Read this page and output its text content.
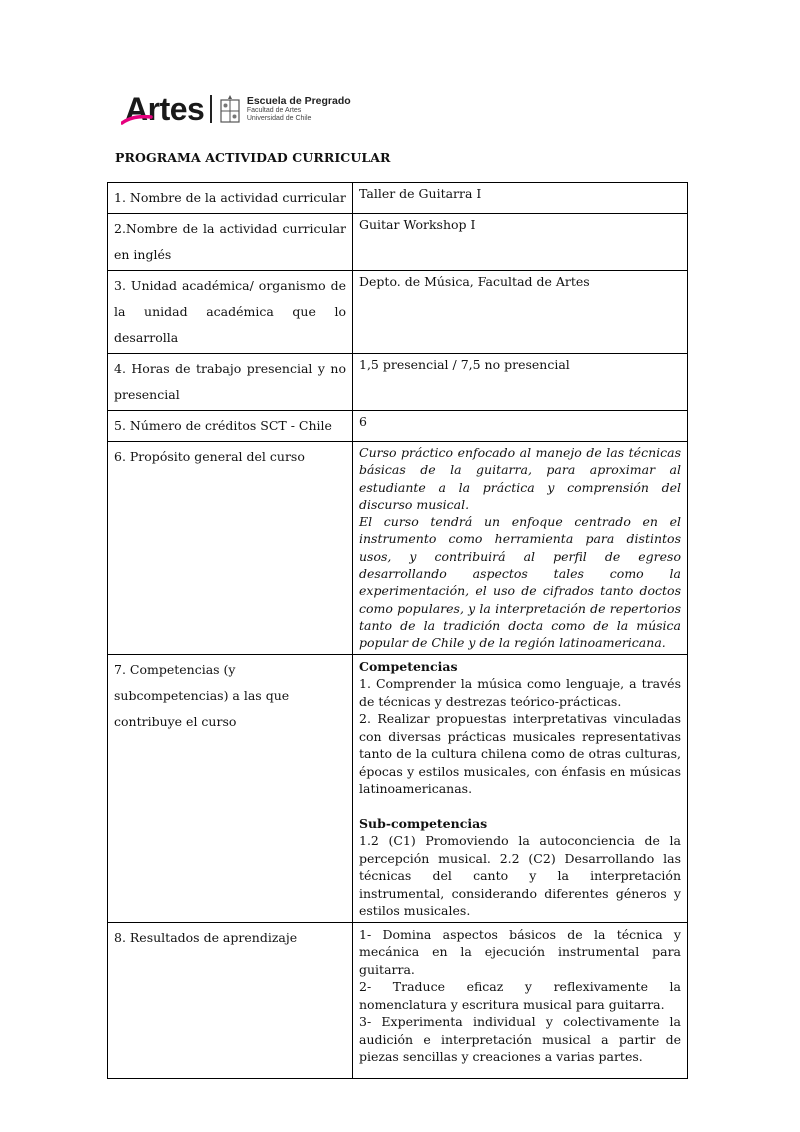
Artes	Escuela de Pregrado
Facultad de Artes
Universidad de Chile
PROGRAMA ACTIVIDAD CURRICULAR
1. Nombre de la actividad curricular	Taller de Guitarra I
2.Nombre de la actividad curricular en inglés	Guitar Workshop I
3. Unidad académica/ organismo de la unidad académica que lo desarrolla	Depto. de Música, Facultad de Artes
4. Horas de trabajo presencial y no presencial	1,5 presencial / 7,5 no presencial
5. Número de créditos SCT - Chile	6
6. Propósito general del curso	Curso práctico enfocado al manejo de las técnicas básicas de la guitarra, para aproximar al estudiante a la práctica y comprensión del discurso musical.

El curso tendrá un enfoque centrado en el instrumento como herramienta para distintos usos, y contribuirá al perfil de egreso desarrollando aspectos tales como la experimentación, el uso de cifrados tanto doctos como populares, y la interpretación de repertorios tanto de la tradición docta como de la música popular de Chile y de la región latinoamericana.

7. Competencias (y subcompetencias) a las que contribuye el curso	Competencias

1. Comprender la música como lenguaje, a través de técnicas y destrezas teórico-prácticas.

2. Realizar propuestas interpretativas vinculadas con diversas prácticas musicales representativas tanto de la cultura chilena como de otras culturas, épocas y estilos musicales, con énfasis en músicas latinoamericanas.

Sub-competencias

1.2 (C1) Promoviendo la autoconciencia de la percepción musical. 2.2 (C2) Desarrollando las técnicas del canto y la interpretación instrumental, considerando diferentes géneros y estilos musicales.

8. Resultados de aprendizaje	1- Domina aspectos básicos de la técnica y mecánica en la ejecución instrumental para guitarra.

2- Traduce eficaz y reflexivamente la nomenclatura y escritura musical para guitarra.

3- Experimenta individual y colectivamente la audición e interpretación musical a partir de piezas sencillas y creaciones a varias partes.
